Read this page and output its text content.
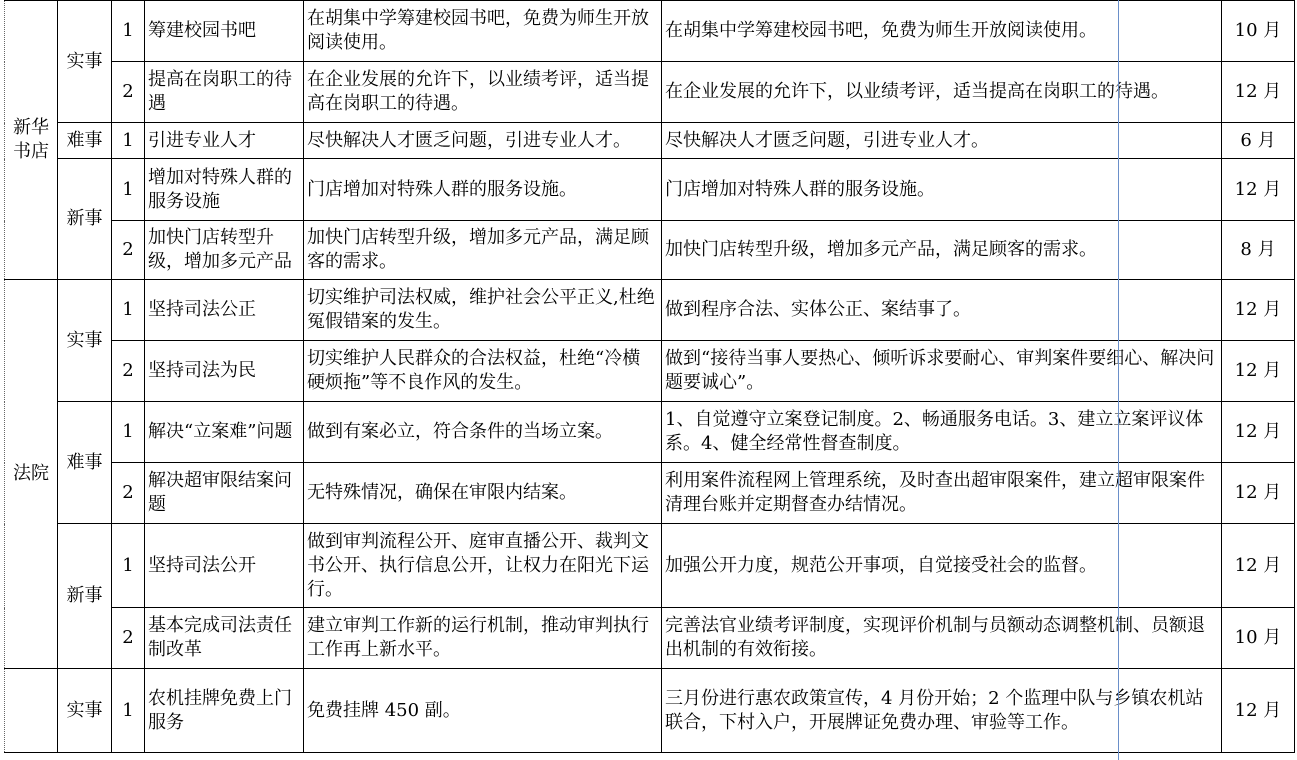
新华书店	实事	1	筹建校园书吧	在胡集中学筹建校园书吧，免费为师生开放阅读使用。	在胡集中学筹建校园书吧，免费为师生开放阅读使用。	10 月
		2	提高在岗职工的待遇	在企业发展的允许下，以业绩考评，适当提高在岗职工的待遇。	在企业发展的允许下，以业绩考评，适当提高在岗职工的待遇。	12 月
	难事	1	引进专业人才	尽快解决人才匮乏问题，引进专业人才。	尽快解决人才匮乏问题，引进专业人才。	6 月
	新事	1	增加对特殊人群的服务设施	门店增加对特殊人群的服务设施。	门店增加对特殊人群的服务设施。	12 月
		2	加快门店转型升级，增加多元产品	加快门店转型升级，增加多元产品，满足顾客的需求。	加快门店转型升级，增加多元产品，满足顾客的需求。	8 月
法院	实事	1	坚持司法公正	切实维护司法权威，维护社会公平正义,杜绝冤假错案的发生。	做到程序合法、实体公正、案结事了。	12 月
		2	坚持司法为民	切实维护人民群众的合法权益，杜绝“冷横硬烦拖”等不良作风的发生。	做到“接待当事人要热心、倾听诉求要耐心、审判案件要细心、解决问题要诚心”。	12 月
	难事	1	解决“立案难”问题	做到有案必立，符合条件的当场立案。	1、自觉遵守立案登记制度。2、畅通服务电话。3、建立立案评议体系。4、健全经常性督查制度。	12 月
		2	解决超审限结案问题	无特殊情况，确保在审限内结案。	利用案件流程网上管理系统，及时查出超审限案件，建立超审限案件清理台账并定期督查办结情况。	12 月
	新事	1	坚持司法公开	做到审判流程公开、庭审直播公开、裁判文书公开、执行信息公开，让权力在阳光下运行。	加强公开力度，规范公开事项，自觉接受社会的监督。	12 月
		2	基本完成司法责任制改革	建立审判工作新的运行机制，推动审判执行工作再上新水平。	完善法官业绩考评制度，实现评价机制与员额动态调整机制、员额退出机制的有效衔接。	10 月
	实事	1	农机挂牌免费上门服务	免费挂牌 450 副。	三月份进行惠农政策宣传，4 月份开始；2 个监理中队与乡镇农机站联合，下村入户，开展牌证免费办理、审验等工作。	12 月
